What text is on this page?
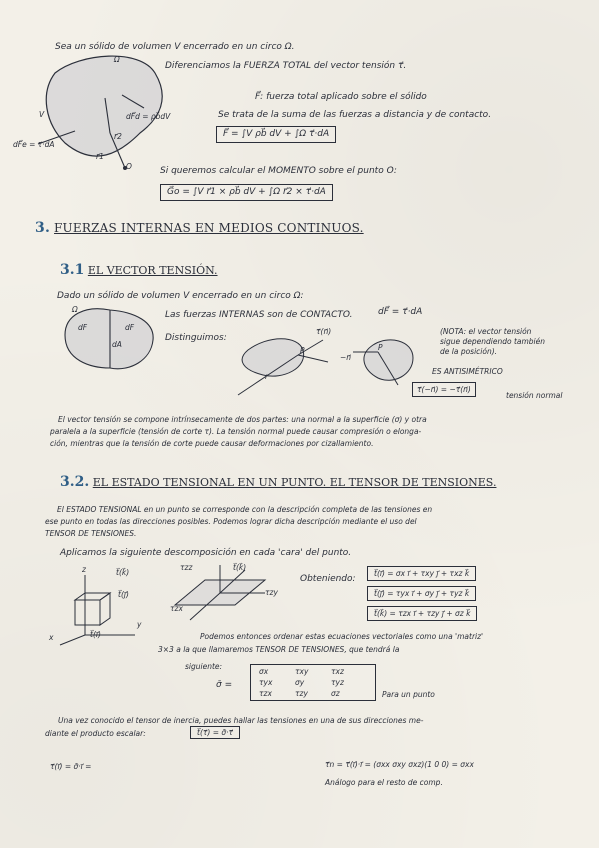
Sea un sólido de volumen V encerrado en un circo Ω.
Diferenciamos la FUERZA TOTAL del vector tensión τ⃗.
F⃗: fuerza total aplicado sobre el sólido
Se trata de la suma de las fuerzas a distancia y de contacto.
F⃗ = ∫V ρb⃗ dV + ∫Ω τ⃗·dA
Si queremos calcular el MOMENTO sobre el punto O:
G⃗o = ∫V r⃗1 × ρb⃗ dV + ∫Ω r⃗2 × τ⃗·dA
Ω
V	dF⃗d = ρb⃗dV
dF⃗e = τ⃗·dA
r⃗2
r⃗1
O
3. FUERZAS INTERNAS EN MEDIOS CONTINUOS.
3.1 EL VECTOR TENSIÓN.
Dado un sólido de volumen V encerrado en un circo Ω:
Las fuerzas INTERNAS son de CONTACTO.	dF⃗ = τ⃗·dA
Distinguimos:
(NOTA: el vector tensión
sigue dependiendo también
de la posición).
ES ANTISIMÉTRICO
τ⃗(−n⃗) = −τ⃗(n⃗)
tensión normal
Ω
dF	dF
dA
τ⃗(n⃗)
P	P
−n⃗
r
El vector tensión se compone intrínsecamente de dos partes: una normal a la superficie (σ) y otra
paralela a la superficie (tensión de corte τ). La tensión normal puede causar compresión o elonga-
ción, mientras que la tensión de corte puede causar deformaciones por cizallamiento.
3.2. EL ESTADO TENSIONAL EN UN PUNTO. EL TENSOR DE TENSIONES.
El ESTADO TENSIONAL en un punto se corresponde con la descripción completa de las tensiones en
ese punto en todas las direcciones posibles. Podemos lograr dicha descripción mediante el uso del
TENSOR DE TENSIONES.
Aplicamos la siguiente descomposición en cada 'cara' del punto.
t⃗(k⃗)
t⃗(j⃗)
t⃗(i⃗)
x
y
z	τzz
τzy
t⃗(k⃗)
τzx
Obteniendo:
t⃗(i⃗) = σx i⃗ + τxy j⃗ + τxz k⃗
t⃗(j⃗) = τyx i⃗ + σy j⃗ + τyz k⃗
t⃗(k⃗) = τzx i⃗ + τzy j⃗ + σz k⃗
Podemos entonces ordenar estas ecuaciones vectoriales como una 'matriz'
3×3 a la que llamaremos TENSOR DE TENSIONES, que tendrá la
siguiente:
σ̄ =
σx	τxy	τxz
τyx	σy	τyz
τzx	τzy	σz	Para un punto
Una vez conocido el tensor de inercia, puedes hallar las tensiones en una de sus direcciones me-
diante el producto escalar:	t⃗(τ⃗) = σ̄·τ⃗
τ⃗(i⃗) = σ̄·i⃗ =	τ⃗n = τ⃗(i⃗)·i⃗ = (σxx σxy σxz)(1 0 0) = σxx
Análogo para el resto de comp.
